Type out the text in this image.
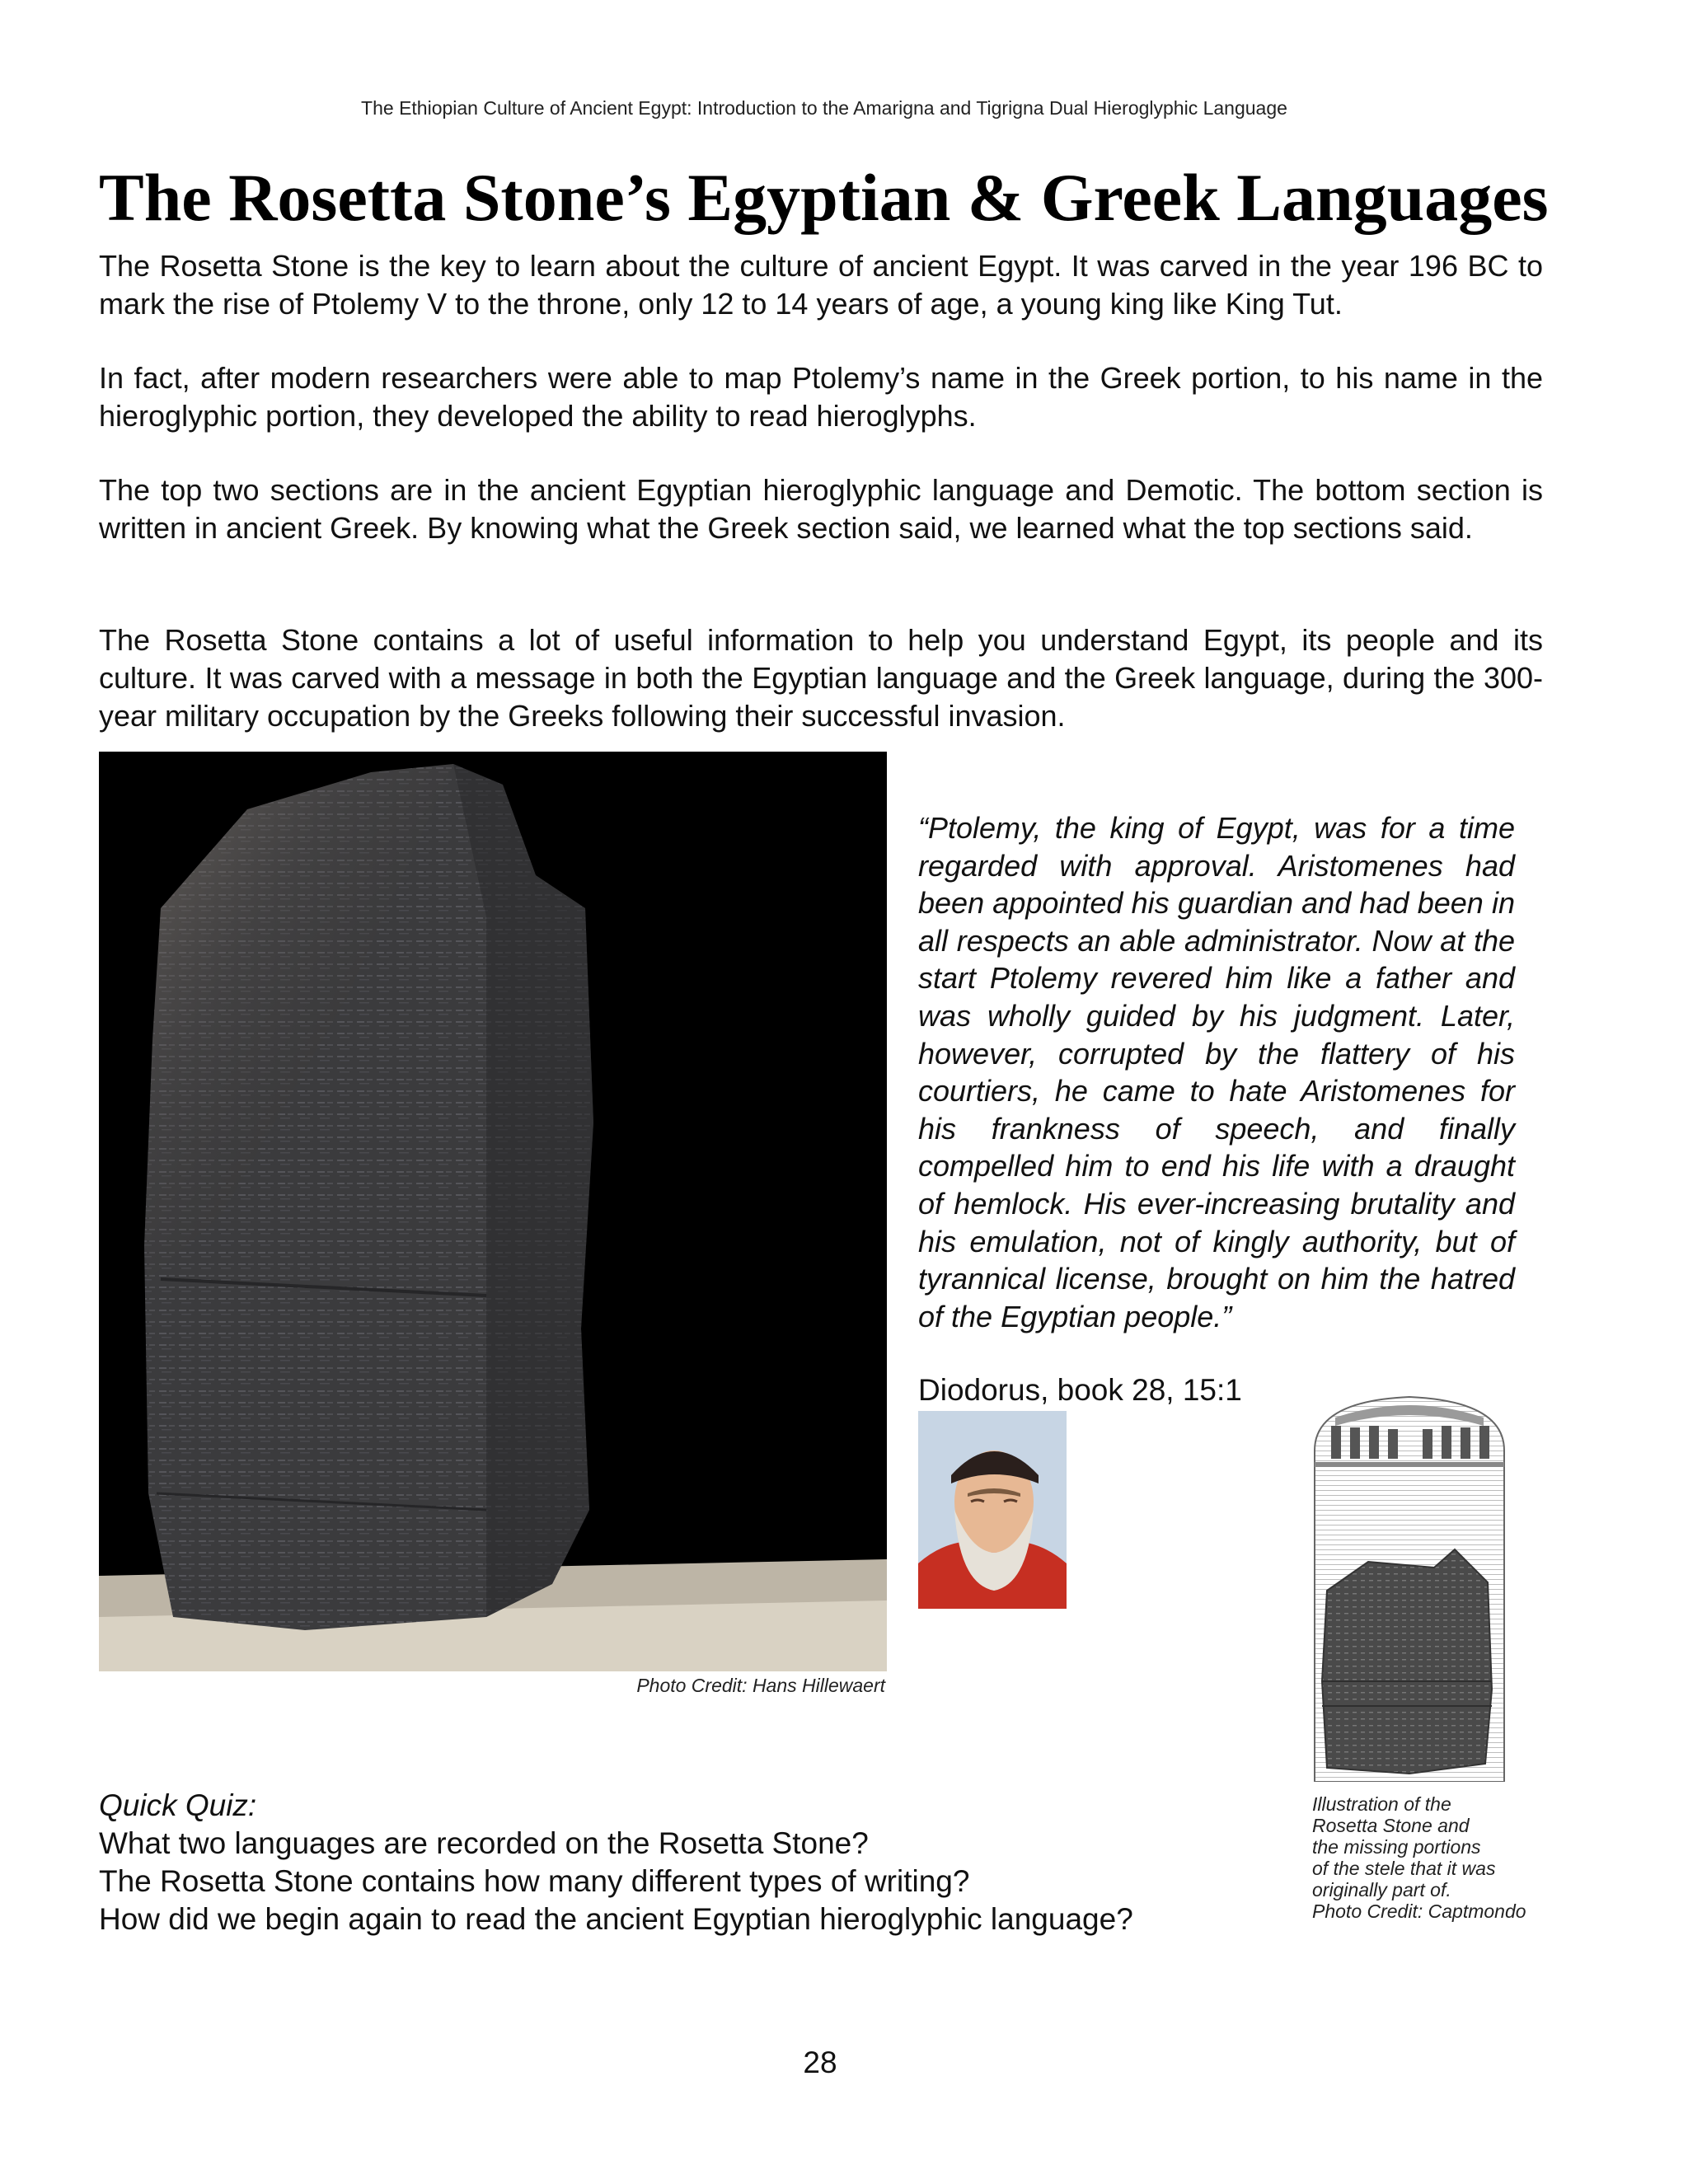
The Ethiopian Culture of Ancient Egypt: Introduction to the Amarigna and Tigrigna Dual Hieroglyphic Language
The Rosetta Stone’s Egyptian & Greek Languages

The Rosetta Stone is the key to learn about the culture of ancient Egypt. It was carved in the year 196 BC to mark the rise of Ptolemy V to the throne, only 12 to 14 years of age, a young king like King Tut.

In fact, after modern researchers were able to map Ptolemy’s name in the Greek portion, to his name in the hieroglyphic portion, they developed the ability to read hieroglyphs.

The top two sections are in the ancient Egyptian hieroglyphic language and Demotic. The bottom section is written in ancient Greek. By knowing what the Greek section said, we learned what the top sections said.

The Rosetta Stone contains a lot of useful information to help you understand Egypt, its people and its culture. It was carved with a message in both the Egyptian language and the Greek language, during the 300-year military occupation by the Greeks following their successful invasion.

Photo Credit: Hans Hillewaert

“Ptolemy, the king of Egypt, was for a time regarded with approval. Aristomenes had been appointed his guardian and had been in all respects an able administrator. Now at the start Ptolemy revered him like a father and was wholly guided by his judgment. Later, however, corrupted by the flattery of his courtiers, he came to hate Aristomenes for his frankness of speech, and finally compelled him to end his life with a draught of hemlock. His ever-increasing brutality and his emulation, not of kingly authority, but of tyrannical license, brought on him the hatred of the Egyptian people.”

Diodorus, book 28, 15:1
Illustration of the
Rosetta Stone and
the missing portions
of the stele that it was
originally part of.
Photo Credit: Captmondo
Quick Quiz:
What two languages are recorded on the Rosetta Stone?
The Rosetta Stone contains how many different types of writing?
How did we begin again to read the ancient Egyptian hieroglyphic language?
28
